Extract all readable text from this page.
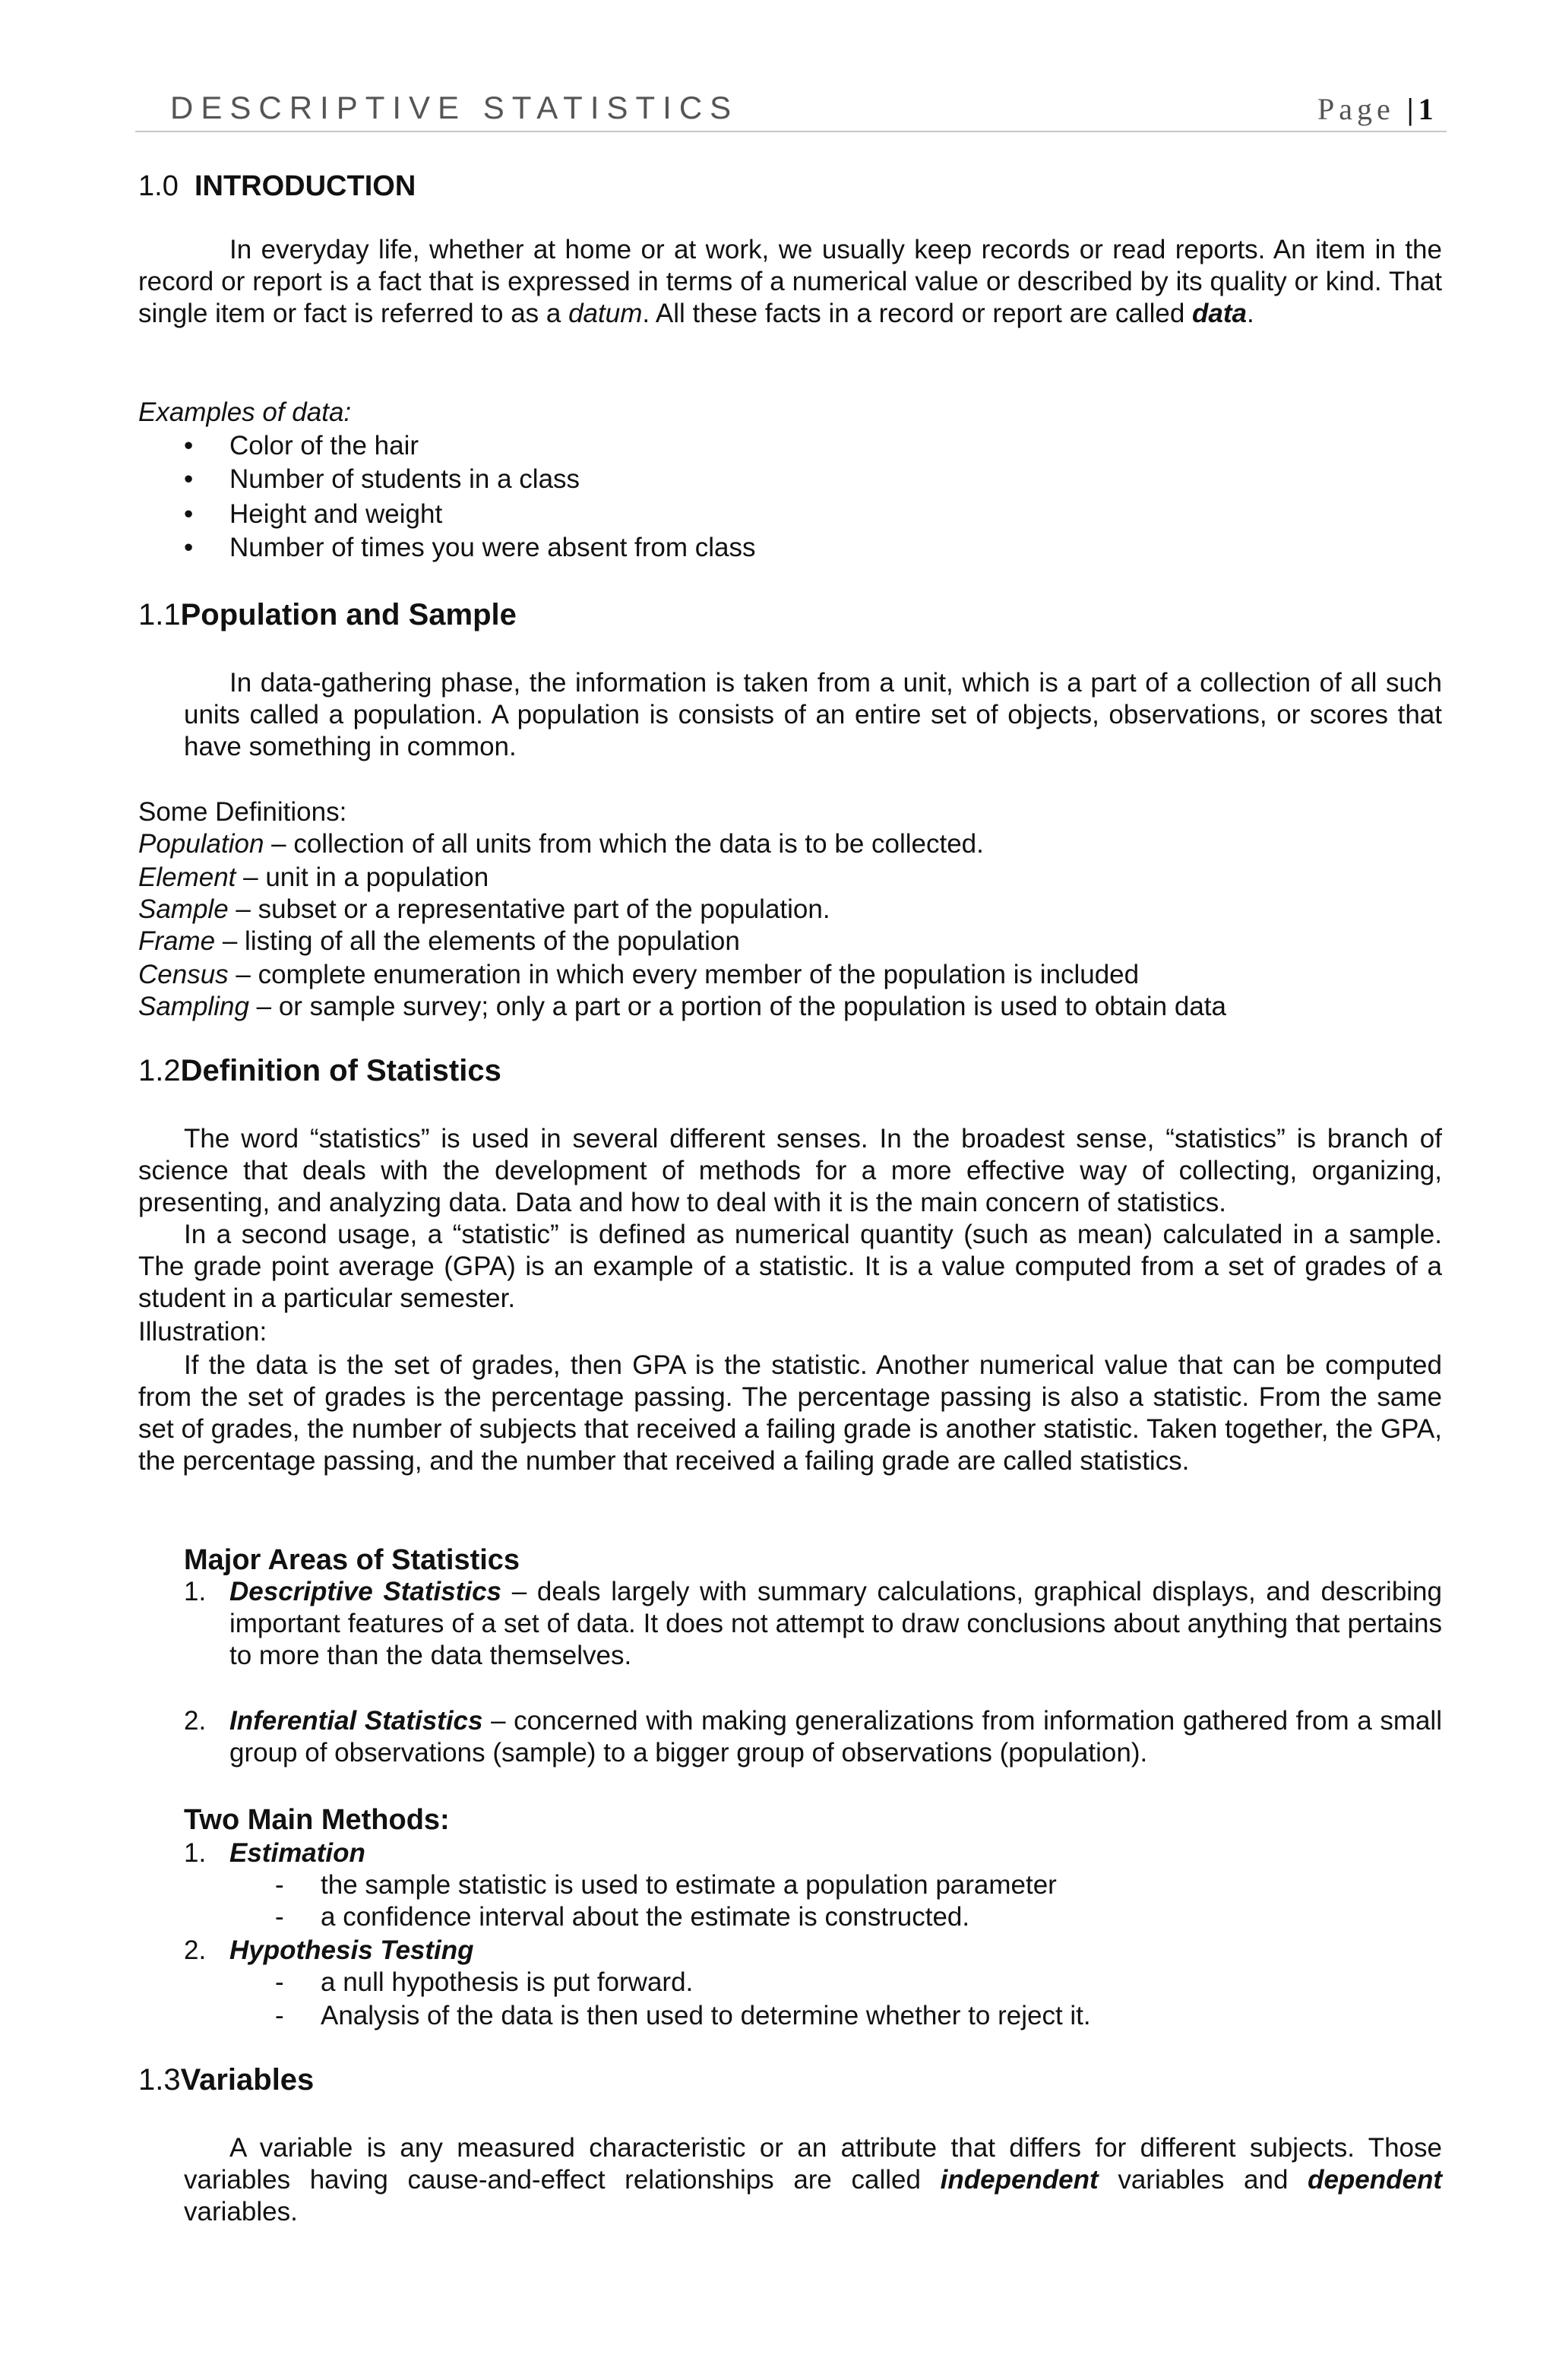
DESCRIPTIVE STATISTICS	Page |1
1.0 INTRODUCTION
In everyday life, whether at home or at work, we usually keep records or read reports. An item in the record or report is a fact that is expressed in terms of a numerical value or described by its quality or kind. That single item or fact is referred to as a datum. All these facts in a record or report are called data.
Examples of data:
• Color of the hair
• Number of students in a class
• Height and weight
• Number of times you were absent from class
1.1Population and Sample
In data-gathering phase, the information is taken from a unit, which is a part of a collection of all such units called a population. A population is consists of an entire set of objects, observations, or scores that have something in common.
Some Definitions:
Population – collection of all units from which the data is to be collected.
Element – unit in a population
Sample – subset or a representative part of the population.
Frame – listing of all the elements of the population
Census – complete enumeration in which every member of the population is included
Sampling – or sample survey; only a part or a portion of the population is used to obtain data
1.2Definition of Statistics
The word “statistics” is used in several different senses. In the broadest sense, “statistics” is branch of science that deals with the development of methods for a more effective way of collecting, organizing, presenting, and analyzing data. Data and how to deal with it is the main concern of statistics.
In a second usage, a “statistic” is defined as numerical quantity (such as mean) calculated in a sample. The grade point average (GPA) is an example of a statistic. It is a value computed from a set of grades of a student in a particular semester.
Illustration:
If the data is the set of grades, then GPA is the statistic. Another numerical value that can be computed from the set of grades is the percentage passing. The percentage passing is also a statistic. From the same set of grades, the number of subjects that received a failing grade is another statistic. Taken together, the GPA, the percentage passing, and the number that received a failing grade are called statistics.
Major Areas of Statistics
1. Descriptive Statistics – deals largely with summary calculations, graphical displays, and describing important features of a set of data. It does not attempt to draw conclusions about anything that pertains to more than the data themselves.
2. Inferential Statistics – concerned with making generalizations from information gathered from a small group of observations (sample) to a bigger group of observations (population).
Two Main Methods:
1. Estimation
- the sample statistic is used to estimate a population parameter
- a confidence interval about the estimate is constructed.
2. Hypothesis Testing
- a null hypothesis is put forward.
- Analysis of the data is then used to determine whether to reject it.
1.3Variables
A variable is any measured characteristic or an attribute that differs for different subjects. Those variables having cause-and-effect relationships are called independent variables and dependent variables.
